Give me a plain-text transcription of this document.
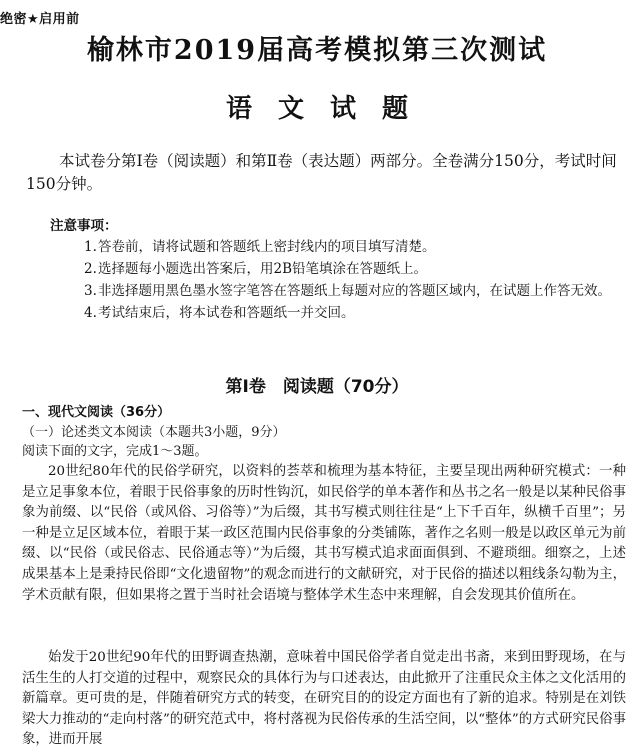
绝密★启用前
榆林市2019届高考模拟第三次测试
语文试题
本试卷分第Ⅰ卷（阅读题）和第Ⅱ卷（表达题）两部分。全卷满分150分，考试时间150分钟。
注意事项：
1. 答卷前，请将试题和答题纸上密封线内的项目填写清楚。
2. 选择题每小题选出答案后，用2B铅笔填涂在答题纸上。
3. 非选择题用黑色墨水签字笔答在答题纸上每题对应的答题区域内，在试题上作答无效。
4. 考试结束后，将本试卷和答题纸一并交回。
第Ⅰ卷　阅读题（70分）
一、现代文阅读（36分）
（一）论述类文本阅读（本题共3小题，9分）
阅读下面的文字，完成1～3题。
20世纪80年代的民俗学研究，以资料的荟萃和梳理为基本特征，主要呈现出两种研究模式：一种是立足事象本位，着眼于民俗事象的历时性钩沉，如民俗学的单本著作和丛书之名一般是以某种民俗事象为前缀、以“民俗（或风俗、习俗等）”为后缀，其书写模式则往往是“上下千百年，纵横千百里”；另一种是立足区域本位，着眼于某一政区范围内民俗事象的分类铺陈，著作之名则一般是以政区单元为前缀、以“民俗（或民俗志、民俗通志等）”为后缀，其书写模式追求面面俱到、不避琐细。细察之，上述成果基本上是秉持民俗即“文化遗留物”的观念而进行的文献研究，对于民俗的描述以粗线条勾勒为主，学术贡献有限，但如果将之置于当时社会语境与整体学术生态中来理解，自会发现其价值所在。
始发于20世纪90年代的田野调查热潮，意味着中国民俗学者自觉走出书斋，来到田野现场，在与活生生的人打交道的过程中，观察民众的具体行为与口述表达，由此掀开了注重民众主体之文化活用的新篇章。更可贵的是，伴随着研究方式的转变，在研究目的的设定方面也有了新的追求。特别是在刘铁梁大力推动的“走向村落”的研究范式中，将村落视为民俗传承的生活空间，以“整体”的方式研究民俗事象，进而开展
